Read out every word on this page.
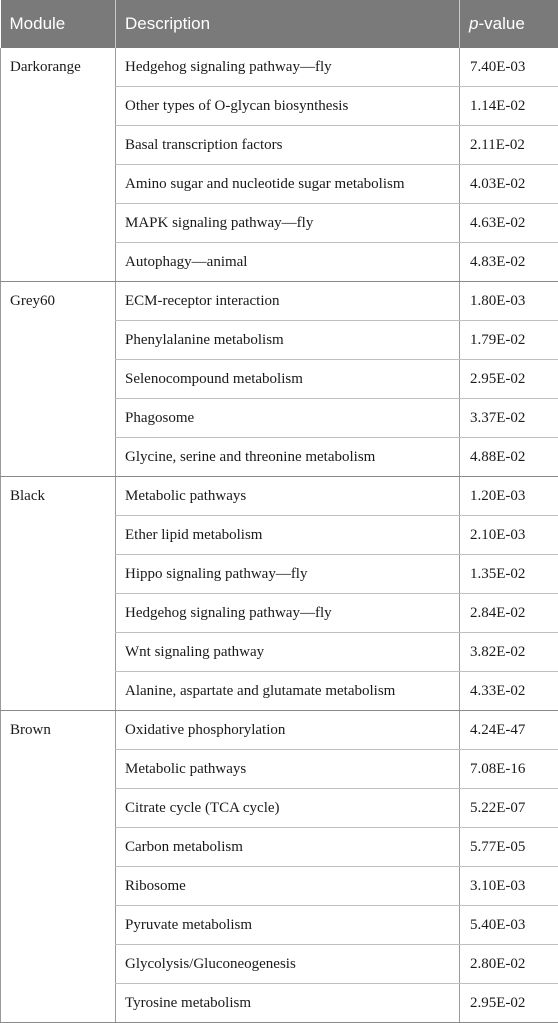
Module	Description	p-value
Darkorange	Hedgehog signaling pathway—fly	7.40E-03
	Other types of O-glycan biosynthesis	1.14E-02
	Basal transcription factors	2.11E-02
	Amino sugar and nucleotide sugar metabolism	4.03E-02
	MAPK signaling pathway—fly	4.63E-02
	Autophagy—animal	4.83E-02
Grey60	ECM-receptor interaction	1.80E-03
	Phenylalanine metabolism	1.79E-02
	Selenocompound metabolism	2.95E-02
	Phagosome	3.37E-02
	Glycine, serine and threonine metabolism	4.88E-02
Black	Metabolic pathways	1.20E-03
	Ether lipid metabolism	2.10E-03
	Hippo signaling pathway—fly	1.35E-02
	Hedgehog signaling pathway—fly	2.84E-02
	Wnt signaling pathway	3.82E-02
	Alanine, aspartate and glutamate metabolism	4.33E-02
Brown	Oxidative phosphorylation	4.24E-47
	Metabolic pathways	7.08E-16
	Citrate cycle (TCA cycle)	5.22E-07
	Carbon metabolism	5.77E-05
	Ribosome	3.10E-03
	Pyruvate metabolism	5.40E-03
	Glycolysis/Gluconeogenesis	2.80E-02
	Tyrosine metabolism	2.95E-02
